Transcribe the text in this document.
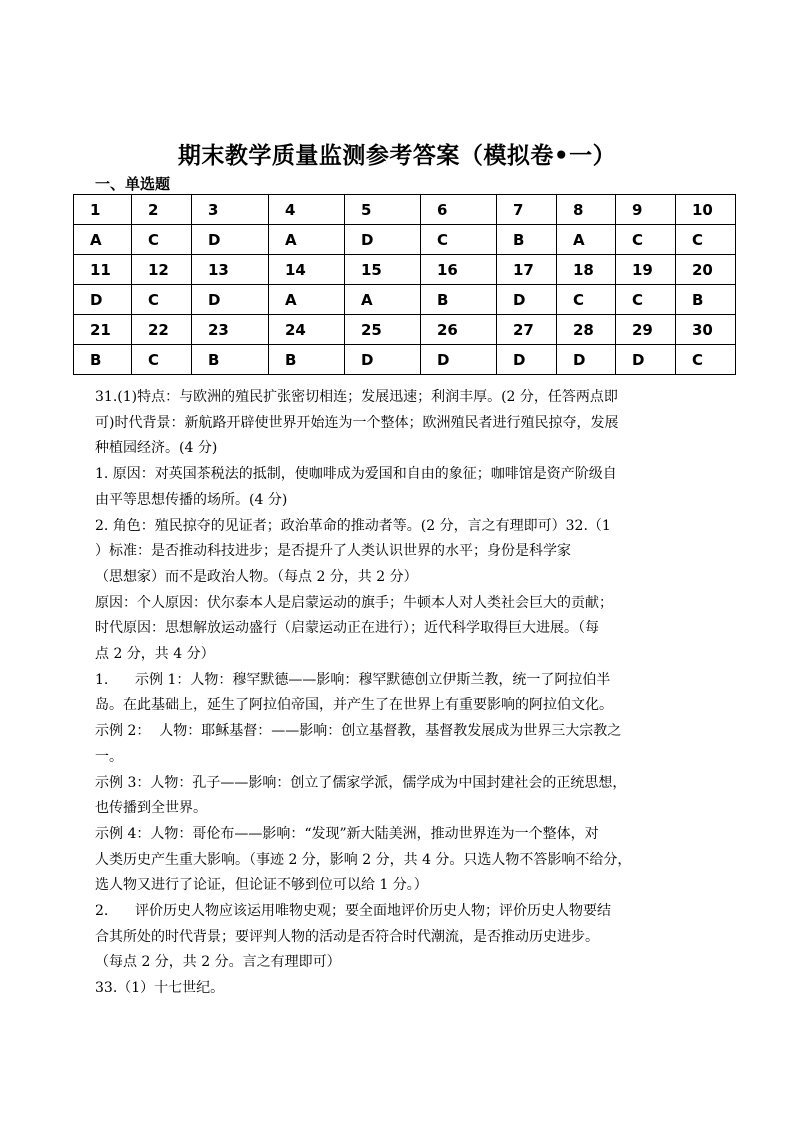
期末教学质量监测参考答案（模拟卷•一）
一、单选题
1	2	3	4	5	6	7	8	9	10
A	C	D	A	D	C	B	A	C	C
11	12	13	14	15	16	17	18	19	20
D	C	D	A	A	B	D	C	C	B
21	22	23	24	25	26	27	28	29	30
B	C	B	B	D	D	D	D	D	C

31.(1)特点：与欧洲的殖民扩张密切相连；发展迅速；利润丰厚。(2 分，任答两点即

可)时代背景：新航路开辟使世界开始连为一个整体；欧洲殖民者进行殖民掠夺，发展

种植园经济。(4 分)

1. 原因：对英国茶税法的抵制，使咖啡成为爱国和自由的象征；咖啡馆是资产阶级自

由平等思想传播的场所。(4 分)

2. 角色：殖民掠夺的见证者；政治革命的推动者等。(2 分，言之有理即可）32.（1

）标准：是否推动科技进步；是否提升了人类认识世界的水平；身份是科学家

（思想家）而不是政治人物。（每点 2 分，共 2 分）

原因：个人原因：伏尔泰本人是启蒙运动的旗手；牛顿本人对人类社会巨大的贡献；

时代原因：思想解放运动盛行（启蒙运动正在进行）；近代科学取得巨大进展。（每

点 2 分，共 4 分）

1.      示例 1：人物：穆罕默德——影响：穆罕默德创立伊斯兰教，统一了阿拉伯半

岛。在此基础上，延生了阿拉伯帝国，并产生了在世界上有重要影响的阿拉伯文化。

示例 2：  人物：耶稣基督：——影响：创立基督教，基督教发展成为世界三大宗教之

一。

示例 3：人物：孔子——影响：创立了儒家学派，儒学成为中国封建社会的正统思想，

也传播到全世界。

示例 4：人物：哥伦布——影响：“发现”新大陆美洲，推动世界连为一个整体，对

人类历史产生重大影响。（事迹 2 分，影响 2 分，共 4 分。只选人物不答影响不给分，

选人物又进行了论证，但论证不够到位可以给 1 分。）

2.      评价历史人物应该运用唯物史观；要全面地评价历史人物；评价历史人物要结

合其所处的时代背景；要评判人物的活动是否符合时代潮流，是否推动历史进步。

（每点 2 分，共 2 分。言之有理即可）

33.（1）十七世纪。
